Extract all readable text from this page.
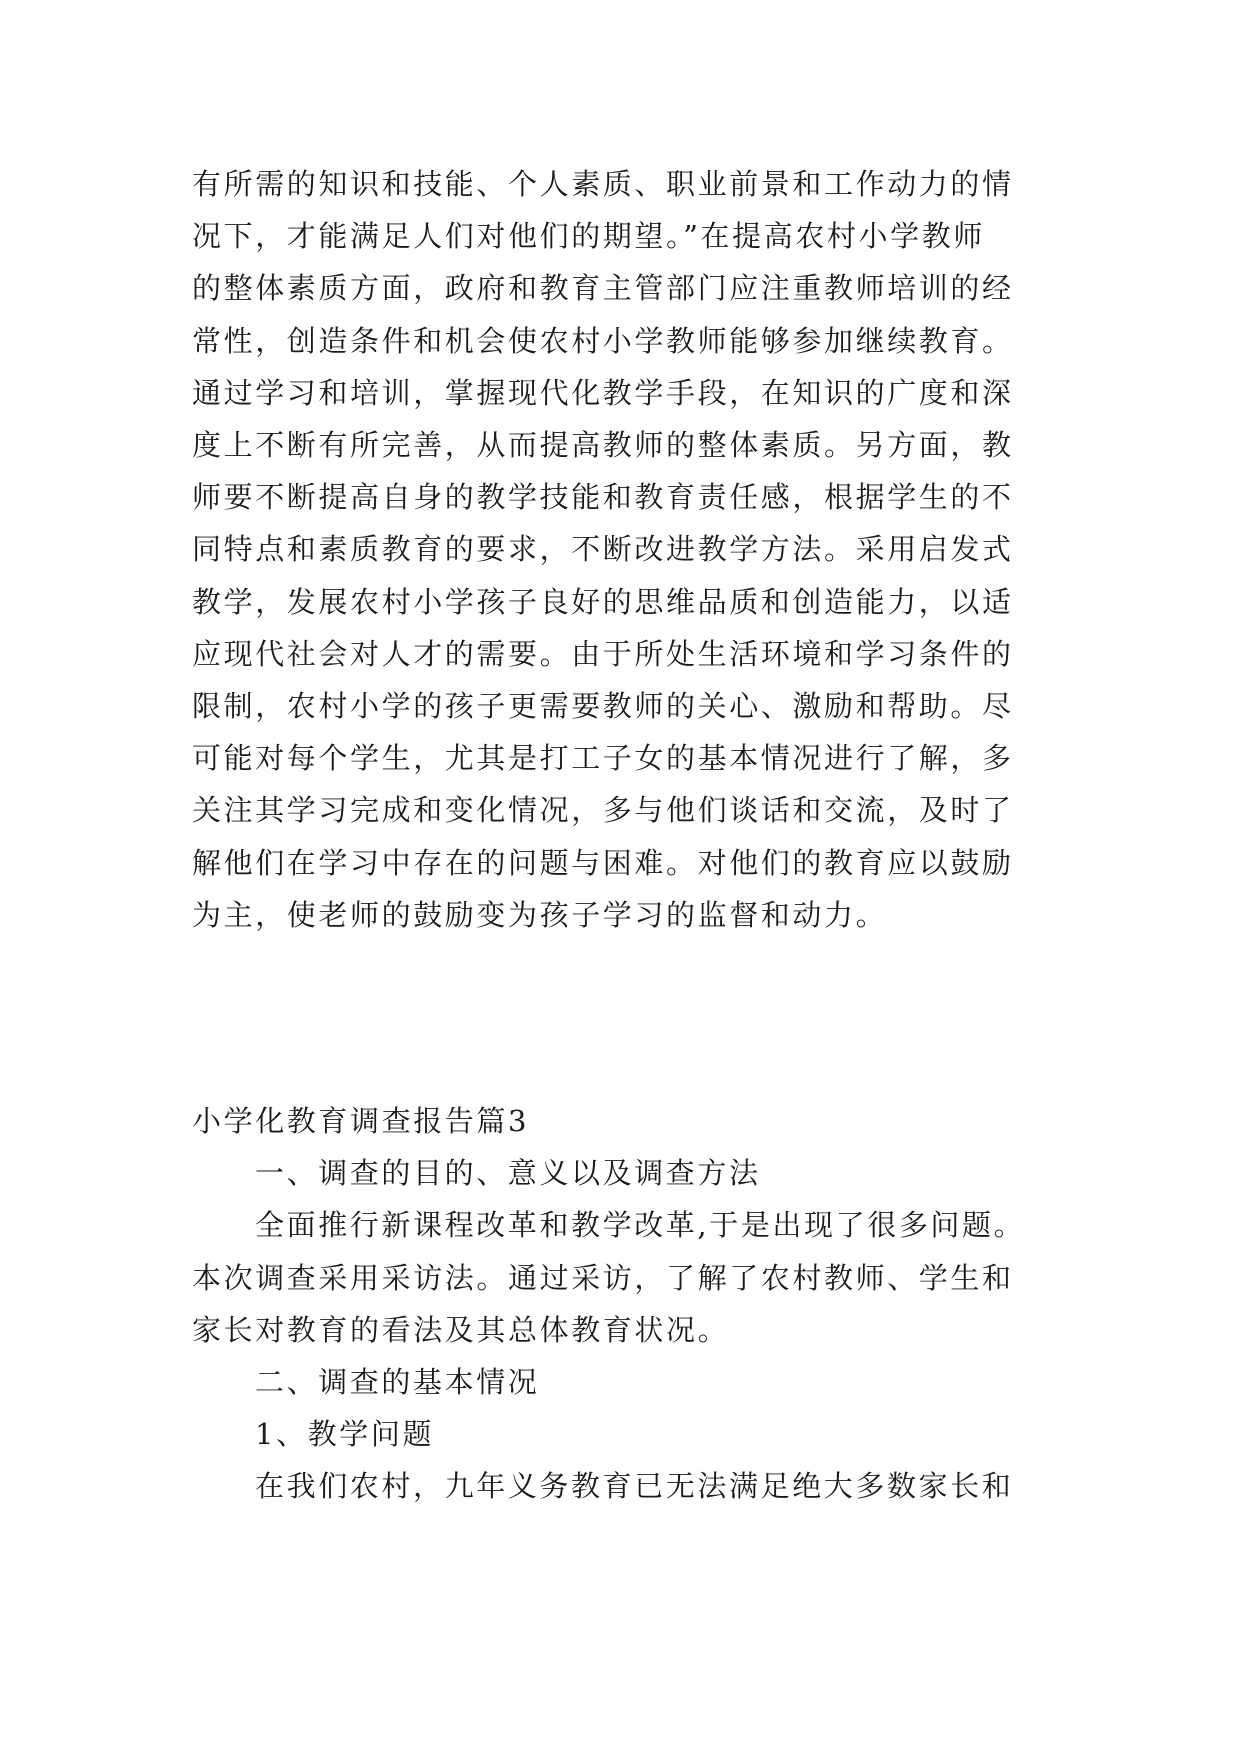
有所需的知识和技能、个人素质、职业前景和工作动力的情
况下，才能满足人们对他们的期望。”在提高农村小学教师
的整体素质方面，政府和教育主管部门应注重教师培训的经
常性，创造条件和机会使农村小学教师能够参加继续教育。
通过学习和培训，掌握现代化教学手段，在知识的广度和深
度上不断有所完善，从而提高教师的整体素质。另方面，教
师要不断提高自身的教学技能和教育责任感，根据学生的不
同特点和素质教育的要求，不断改进教学方法。采用启发式
教学，发展农村小学孩子良好的思维品质和创造能力，以适
应现代社会对人才的需要。由于所处生活环境和学习条件的
限制，农村小学的孩子更需要教师的关心、激励和帮助。尽
可能对每个学生，尤其是打工子女的基本情况进行了解，多
关注其学习完成和变化情况，多与他们谈话和交流，及时了
解他们在学习中存在的问题与困难。对他们的教育应以鼓励
为主，使老师的鼓励变为孩子学习的监督和动力。
小学化教育调查报告篇3
一、调查的目的、意义以及调查方法
全面推行新课程改革和教学改革,于是出现了很多问题。
本次调查采用采访法。通过采访，了解了农村教师、学生和
家长对教育的看法及其总体教育状况。
二、调查的基本情况
1、教学问题
在我们农村，九年义务教育已无法满足绝大多数家长和
